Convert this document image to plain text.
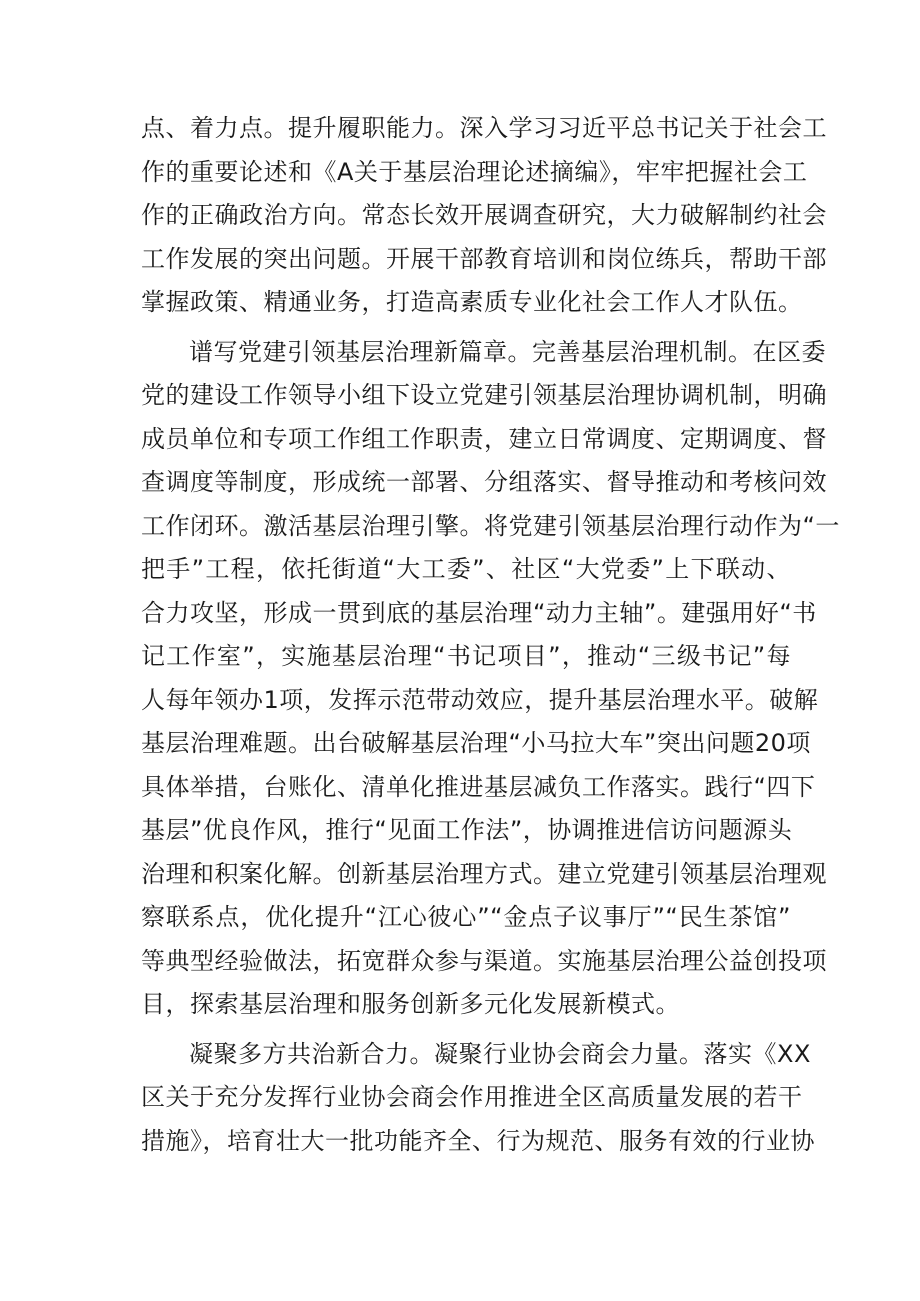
点、着力点。提升履职能力。深入学习习近平总书记关于社会工
作的重要论述和《A关于基层治理论述摘编》，牢牢把握社会工
作的正确政治方向。常态长效开展调查研究，大力破解制约社会
工作发展的突出问题。开展干部教育培训和岗位练兵，帮助干部
掌握政策、精通业务，打造高素质专业化社会工作人才队伍。
谱写党建引领基层治理新篇章。完善基层治理机制。在区委
党的建设工作领导小组下设立党建引领基层治理协调机制，明确
成员单位和专项工作组工作职责，建立日常调度、定期调度、督
查调度等制度，形成统一部署、分组落实、督导推动和考核问效
工作闭环。激活基层治理引擎。将党建引领基层治理行动作为“一
把手”工程，依托街道“大工委”、社区“大党委”上下联动、
合力攻坚，形成一贯到底的基层治理“动力主轴”。建强用好“书
记工作室”，实施基层治理“书记项目”，推动“三级书记”每
人每年领办1项，发挥示范带动效应，提升基层治理水平。破解
基层治理难题。出台破解基层治理“小马拉大车”突出问题20项
具体举措，台账化、清单化推进基层减负工作落实。践行“四下
基层”优良作风，推行“见面工作法”，协调推进信访问题源头
治理和积案化解。创新基层治理方式。建立党建引领基层治理观
察联系点，优化提升“江心彼心”“金点子议事厅”“民生茶馆”
等典型经验做法，拓宽群众参与渠道。实施基层治理公益创投项
目，探索基层治理和服务创新多元化发展新模式。
凝聚多方共治新合力。凝聚行业协会商会力量。落实《XX
区关于充分发挥行业协会商会作用推进全区高质量发展的若干
措施》，培育壮大一批功能齐全、行为规范、服务有效的行业协
